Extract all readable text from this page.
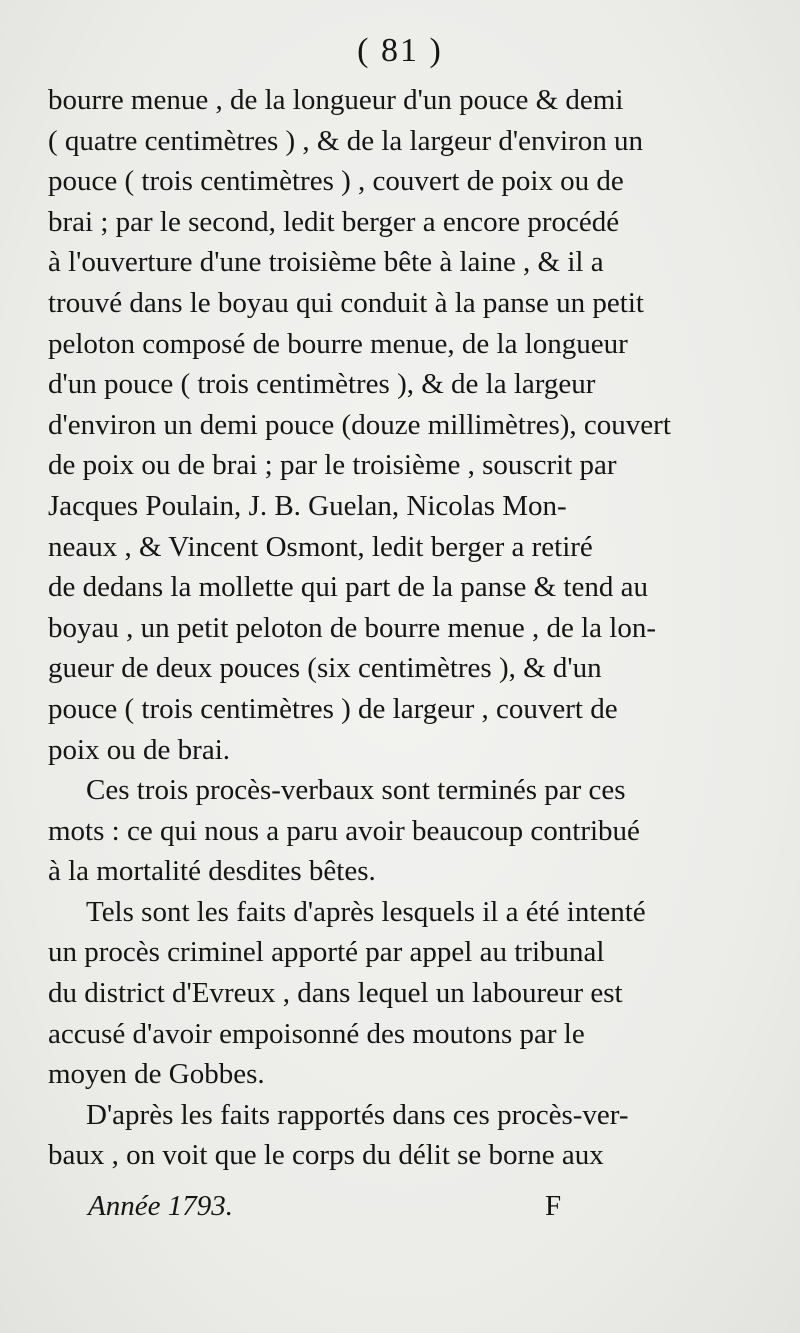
( 81 )

bourre menue , de la longueur d'un pouce & demi
( quatre centimètres ) , & de la largeur d'environ un
pouce ( trois centimètres ) , couvert de poix ou de
brai ; par le second, ledit berger a encore procédé
à l'ouverture d'une troisième bête à laine , & il a
trouvé dans le boyau qui conduit à la panse un petit
peloton composé de bourre menue, de la longueur
d'un pouce ( trois centimètres ), & de la largeur
d'environ un demi pouce (douze millimètres), couvert
de poix ou de brai ; par le troisième , souscrit par
Jacques Poulain, J. B. Guelan, Nicolas Mon-
neaux , & Vincent Osmont, ledit berger a retiré
de dedans la mollette qui part de la panse & tend au
boyau , un petit peloton de bourre menue , de la lon-
gueur de deux pouces (six centimètres ), & d'un
pouce ( trois centimètres ) de largeur , couvert de
poix ou de brai.

Ces trois procès-verbaux sont terminés par ces
mots : ce qui nous a paru avoir beaucoup contribué
à la mortalité desdites bêtes.

Tels sont les faits d'après lesquels il a été intenté
un procès criminel apporté par appel au tribunal
du district d'Evreux , dans lequel un laboureur est
accusé d'avoir empoisonné des moutons par le
moyen de Gobbes.

D'après les faits rapportés dans ces procès-ver-
baux , on voit que le corps du délit se borne aux

Année 1793.	F
